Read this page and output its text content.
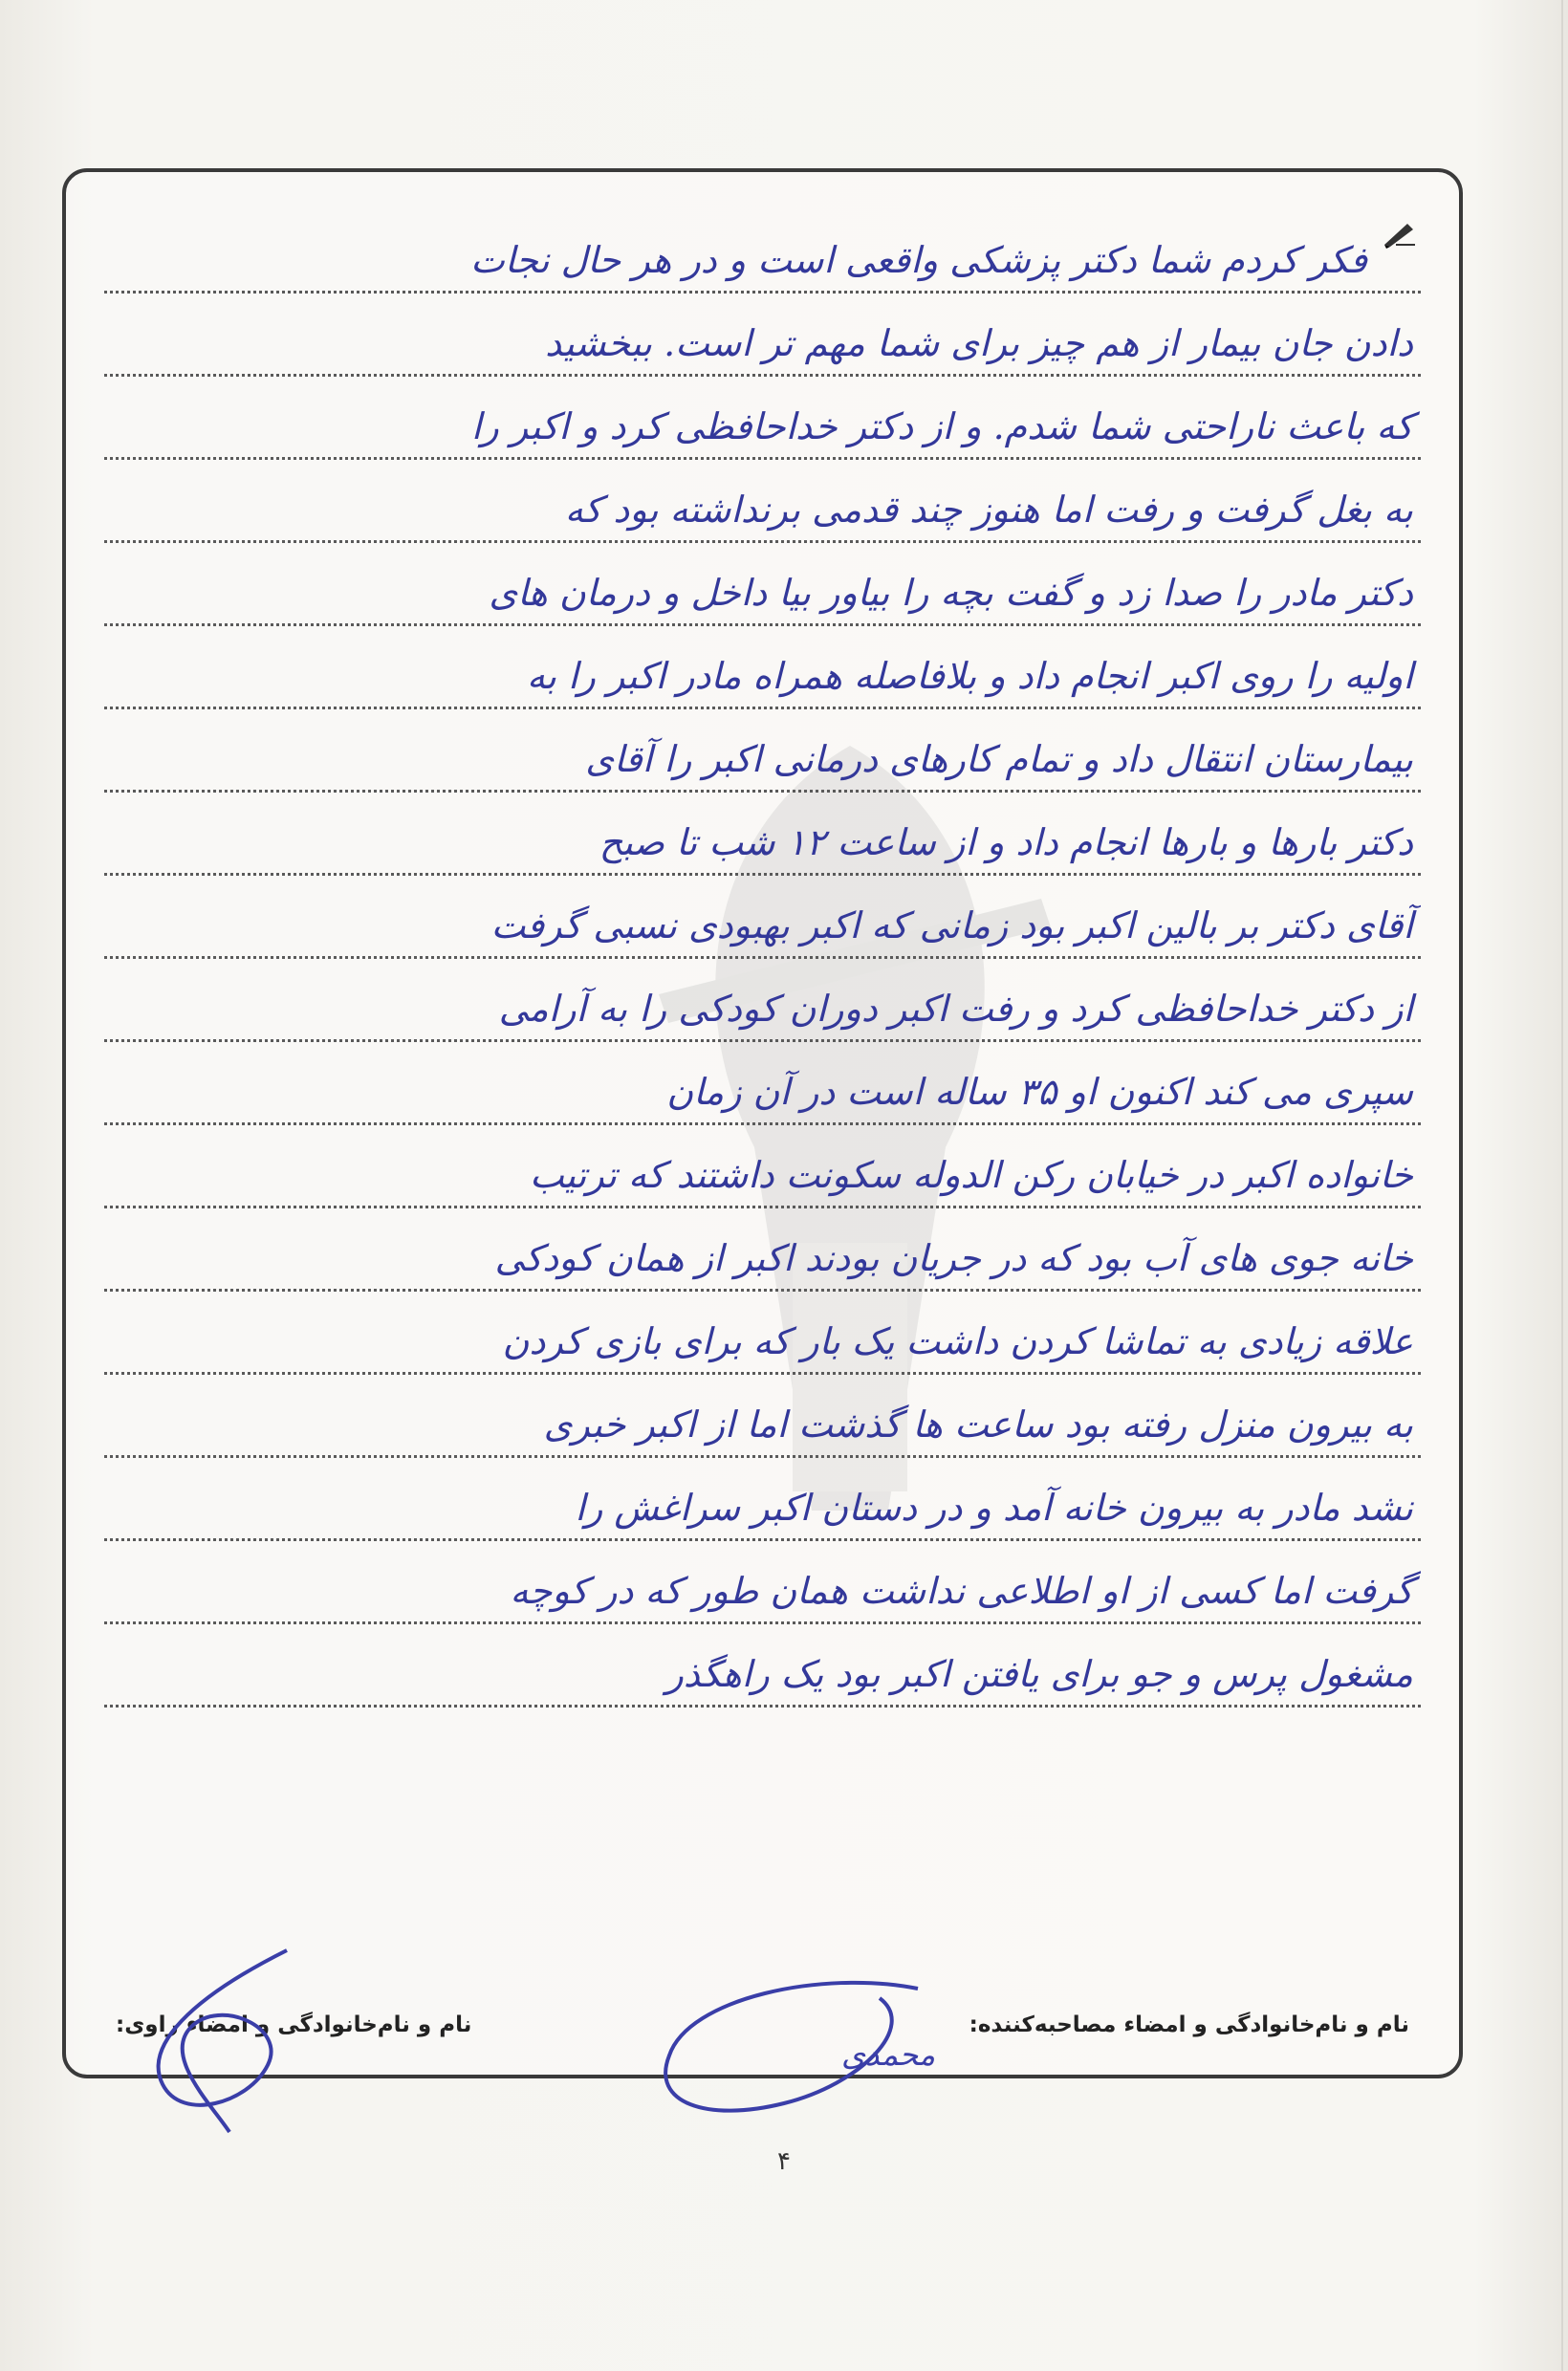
فکر کردم شما دکتر پزشکی واقعی است و در هر حال نجات
دادن جان بیمار از هم چیز برای شما مهم تر است. ببخشید
که باعث ناراحتی شما شدم. و از دکتر خداحافظی کرد و اکبر را
به بغل گرفت و رفت اما هنوز چند قدمی برنداشته بود که
دکتر مادر را صدا زد و گفت بچه را بیاور بیا داخل و درمان های
اولیه را روی اکبر انجام داد و بلافاصله همراه مادر اکبر را به
بیمارستان انتقال داد و تمام کارهای درمانی اکبر را آقای
دکتر بارها و بارها انجام داد و از ساعت ۱۲ شب تا صبح
آقای دکتر بر بالین اکبر بود زمانی که اکبر بهبودی نسبی گرفت
از دکتر خداحافظی کرد و رفت اکبر دوران کودکی را به آرامی
سپری می کند اکنون او ۳۵ ساله است در آن زمان
خانواده اکبر در خیابان رکن الدوله سکونت داشتند که ترتیب
خانه جوی های آب بود که در جریان بودند اکبر از همان کودکی
علاقه زیادی به تماشا کردن داشت یک بار که برای بازی کردن
به بیرون منزل رفته بود ساعت ها گذشت اما از اکبر خبری
نشد مادر به بیرون خانه آمد و در دستان اکبر سراغش را
گرفت اما کسی از او اطلاعی نداشت همان طور که در کوچه
مشغول پرس و جو برای یافتن اکبر بود یک راهگذر
نام و نام‌خانوادگی و امضاء مصاحبه‌کننده:
نام و نام‌خانوادگی و امضاء راوی:
۴
محمدی
